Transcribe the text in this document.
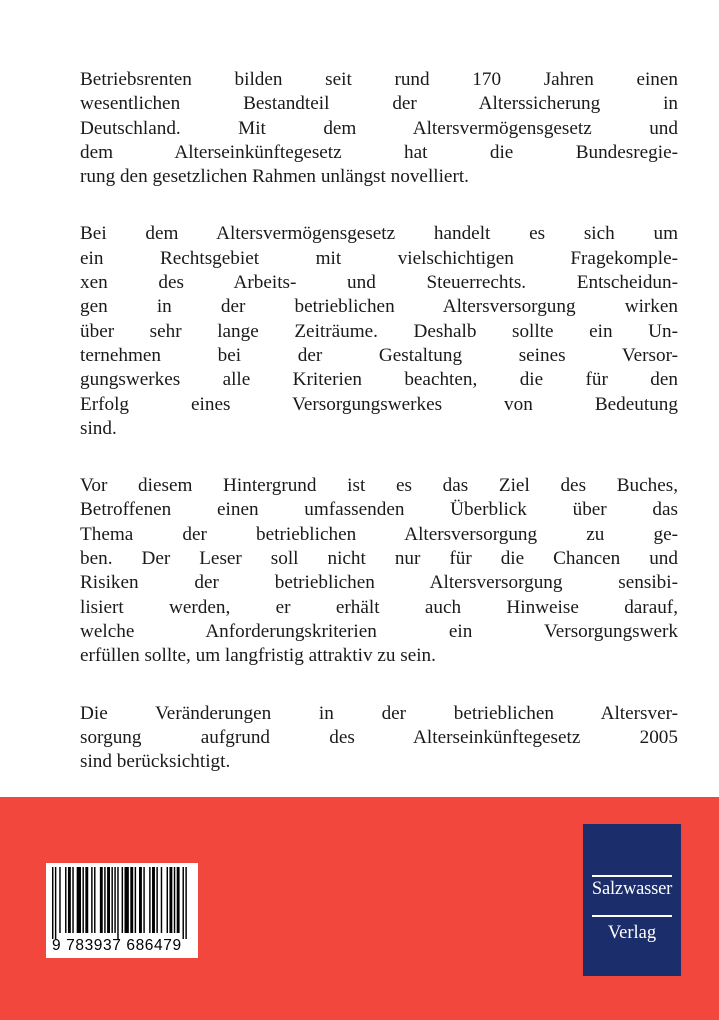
Betriebsrenten bilden seit rund 170 Jahren einen
wesentlichen Bestandteil der Alterssicherung in
Deutschland. Mit dem Altersvermögensgesetz und
dem Alterseinkünftegesetz hat die Bundesregie-
rung den gesetzlichen Rahmen unlängst novelliert.
Bei dem Altersvermögensgesetz handelt es sich um
ein Rechtsgebiet mit vielschichtigen Fragekomple-
xen des Arbeits- und Steuerrechts. Entscheidun-
gen in der betrieblichen Altersversorgung wirken
über sehr lange Zeiträume. Deshalb sollte ein Un-
ternehmen bei der Gestaltung seines Versor-
gungswerkes alle Kriterien beachten, die für den
Erfolg eines Versorgungswerkes von Bedeutung
sind.
Vor diesem Hintergrund ist es das Ziel des Buches,
Betroffenen einen umfassenden Überblick über das
Thema der betrieblichen Altersversorgung zu ge-
ben. Der Leser soll nicht nur für die Chancen und
Risiken der betrieblichen Altersversorgung sensibi-
lisiert werden, er erhält auch Hinweise darauf,
welche Anforderungskriterien ein Versorgungswerk
erfüllen sollte, um langfristig attraktiv zu sein.
Die Veränderungen in der betrieblichen Altersver-
sorgung aufgrund des Alterseinkünftegesetz 2005
sind berücksichtigt.
9 783937 686479
Salzwasser
Verlag
